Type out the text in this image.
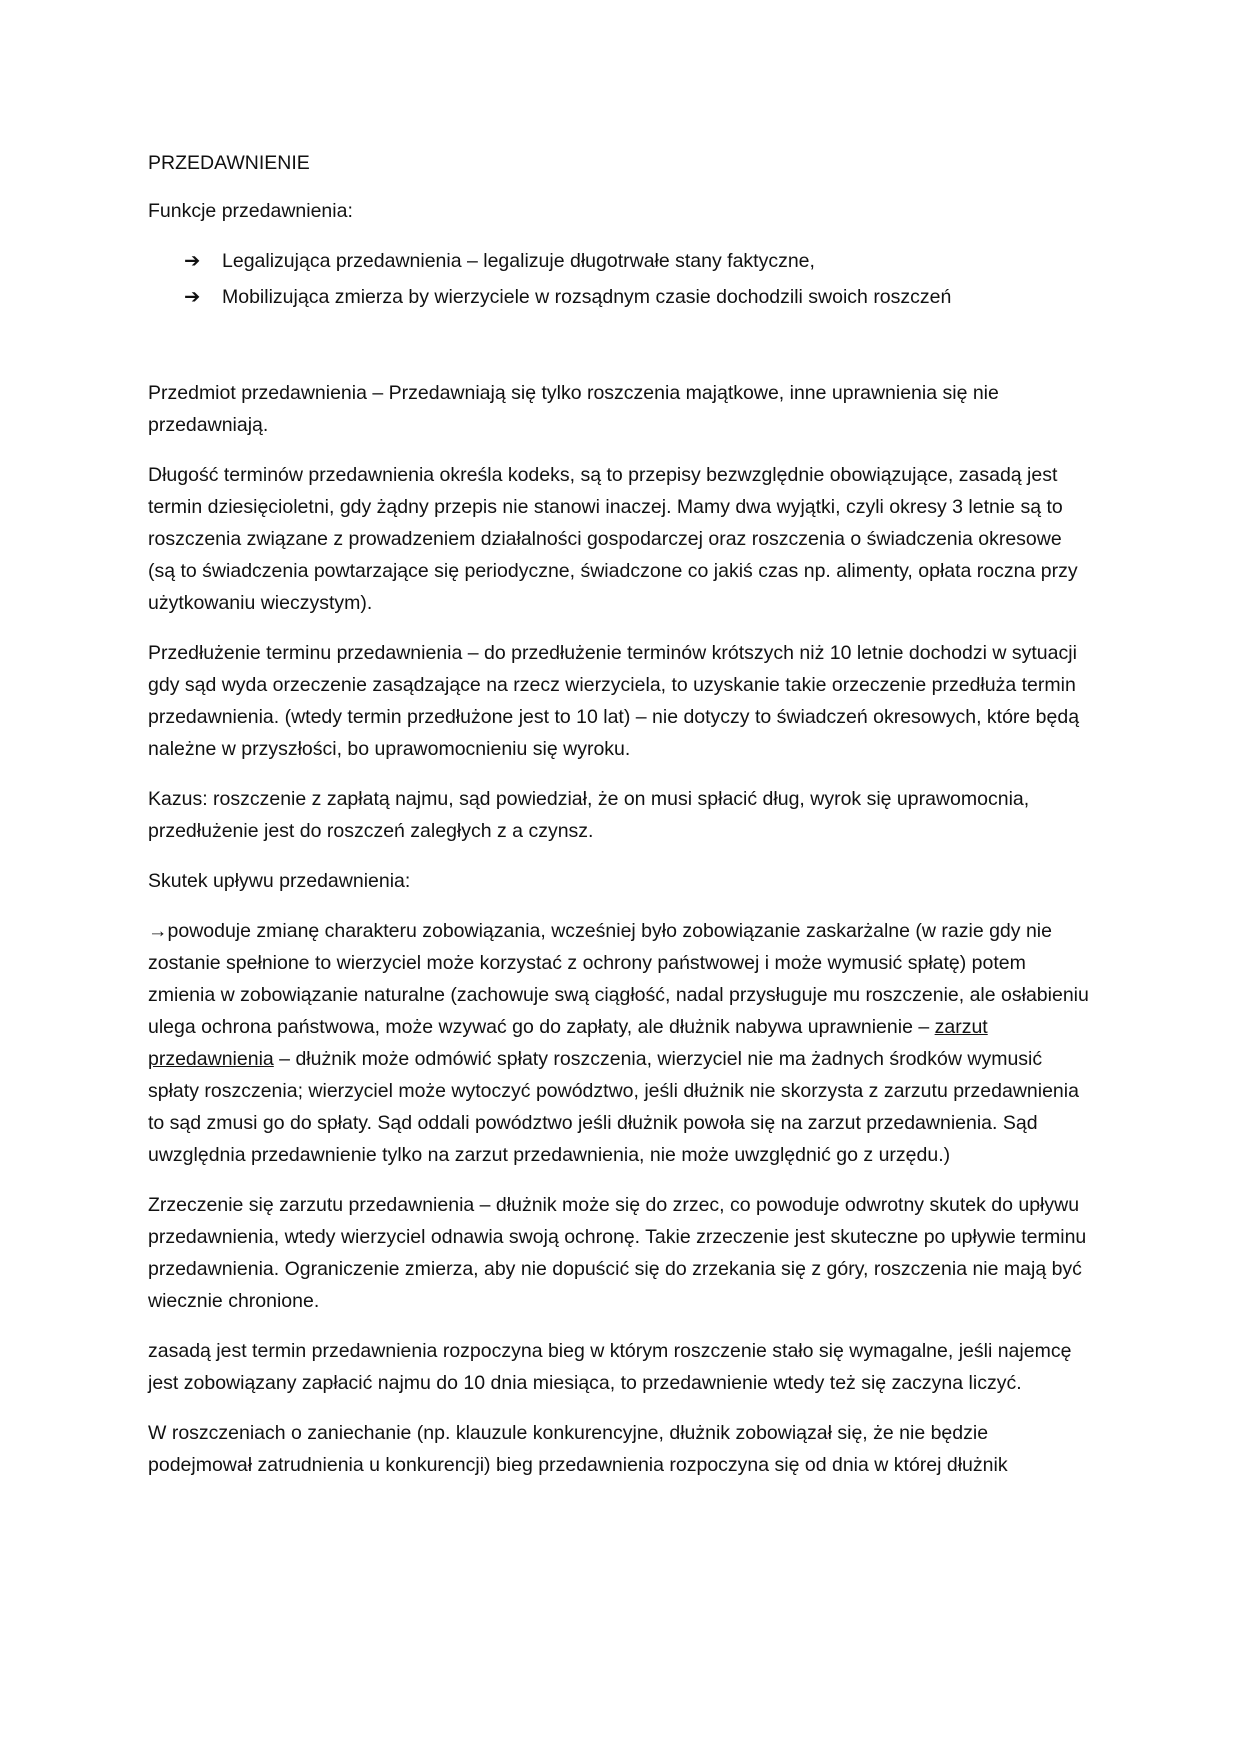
PRZEDAWNIENIE

Funkcje przedawnienia:

➔ Legalizująca przedawnienia – legalizuje długotrwałe stany faktyczne,
➔ Mobilizująca zmierza by wierzyciele w rozsądnym czasie dochodzili swoich roszczeń

Przedmiot przedawnienia – Przedawniają się tylko roszczenia majątkowe, inne uprawnienia się nie przedawniają.

Długość terminów przedawnienia określa kodeks, są to przepisy bezwzględnie obowiązujące, zasadą jest termin dziesięcioletni, gdy żądny przepis nie stanowi inaczej. Mamy dwa wyjątki, czyli okresy 3 letnie są to roszczenia związane z prowadzeniem działalności gospodarczej oraz roszczenia o świadczenia okresowe (są to świadczenia powtarzające się periodyczne, świadczone co jakiś czas np. alimenty, opłata roczna przy użytkowaniu wieczystym).

Przedłużenie terminu przedawnienia – do przedłużenie terminów krótszych niż 10 letnie dochodzi w sytuacji gdy sąd wyda orzeczenie zasądzające na rzecz wierzyciela, to uzyskanie takie orzeczenie przedłuża termin przedawnienia. (wtedy termin przedłużone jest to 10 lat) – nie dotyczy to świadczeń okresowych, które będą należne w przyszłości, bo uprawomocnieniu się wyroku.

Kazus: roszczenie z zapłatą najmu, sąd powiedział, że on musi spłacić dług, wyrok się uprawomocnia, przedłużenie jest do roszczeń zaległych z a czynsz.

Skutek upływu przedawnienia:

→powoduje zmianę charakteru zobowiązania, wcześniej było zobowiązanie zaskarżalne (w razie gdy nie zostanie spełnione to wierzyciel może korzystać z ochrony państwowej i może wymusić spłatę) potem zmienia w zobowiązanie naturalne (zachowuje swą ciągłość, nadal przysługuje mu roszczenie, ale osłabieniu ulega ochrona państwowa, może wzywać go do zapłaty, ale dłużnik nabywa uprawnienie – zarzut przedawnienia – dłużnik może odmówić spłaty roszczenia, wierzyciel nie ma żadnych środków wymusić spłaty roszczenia; wierzyciel może wytoczyć powództwo, jeśli dłużnik nie skorzysta z zarzutu przedawnienia to sąd zmusi go do spłaty. Sąd oddali powództwo jeśli dłużnik powoła się na zarzut przedawnienia. Sąd uwzględnia przedawnienie tylko na zarzut przedawnienia, nie może uwzględnić go z urzędu.)

Zrzeczenie się zarzutu przedawnienia – dłużnik może się do zrzec, co powoduje odwrotny skutek do upływu przedawnienia, wtedy wierzyciel odnawia swoją ochronę. Takie zrzeczenie jest skuteczne po upływie terminu przedawnienia. Ograniczenie zmierza, aby nie dopuścić się do zrzekania się z góry, roszczenia nie mają być wiecznie chronione.

zasadą jest termin przedawnienia rozpoczyna bieg w którym roszczenie stało się wymagalne, jeśli najemcę jest zobowiązany zapłacić najmu do 10 dnia miesiąca, to przedawnienie wtedy też się zaczyna liczyć.

W roszczeniach o zaniechanie (np. klauzule konkurencyjne, dłużnik zobowiązał się, że nie będzie podejmował zatrudnienia u konkurencji) bieg przedawnienia rozpoczyna się od dnia w której dłużnik
